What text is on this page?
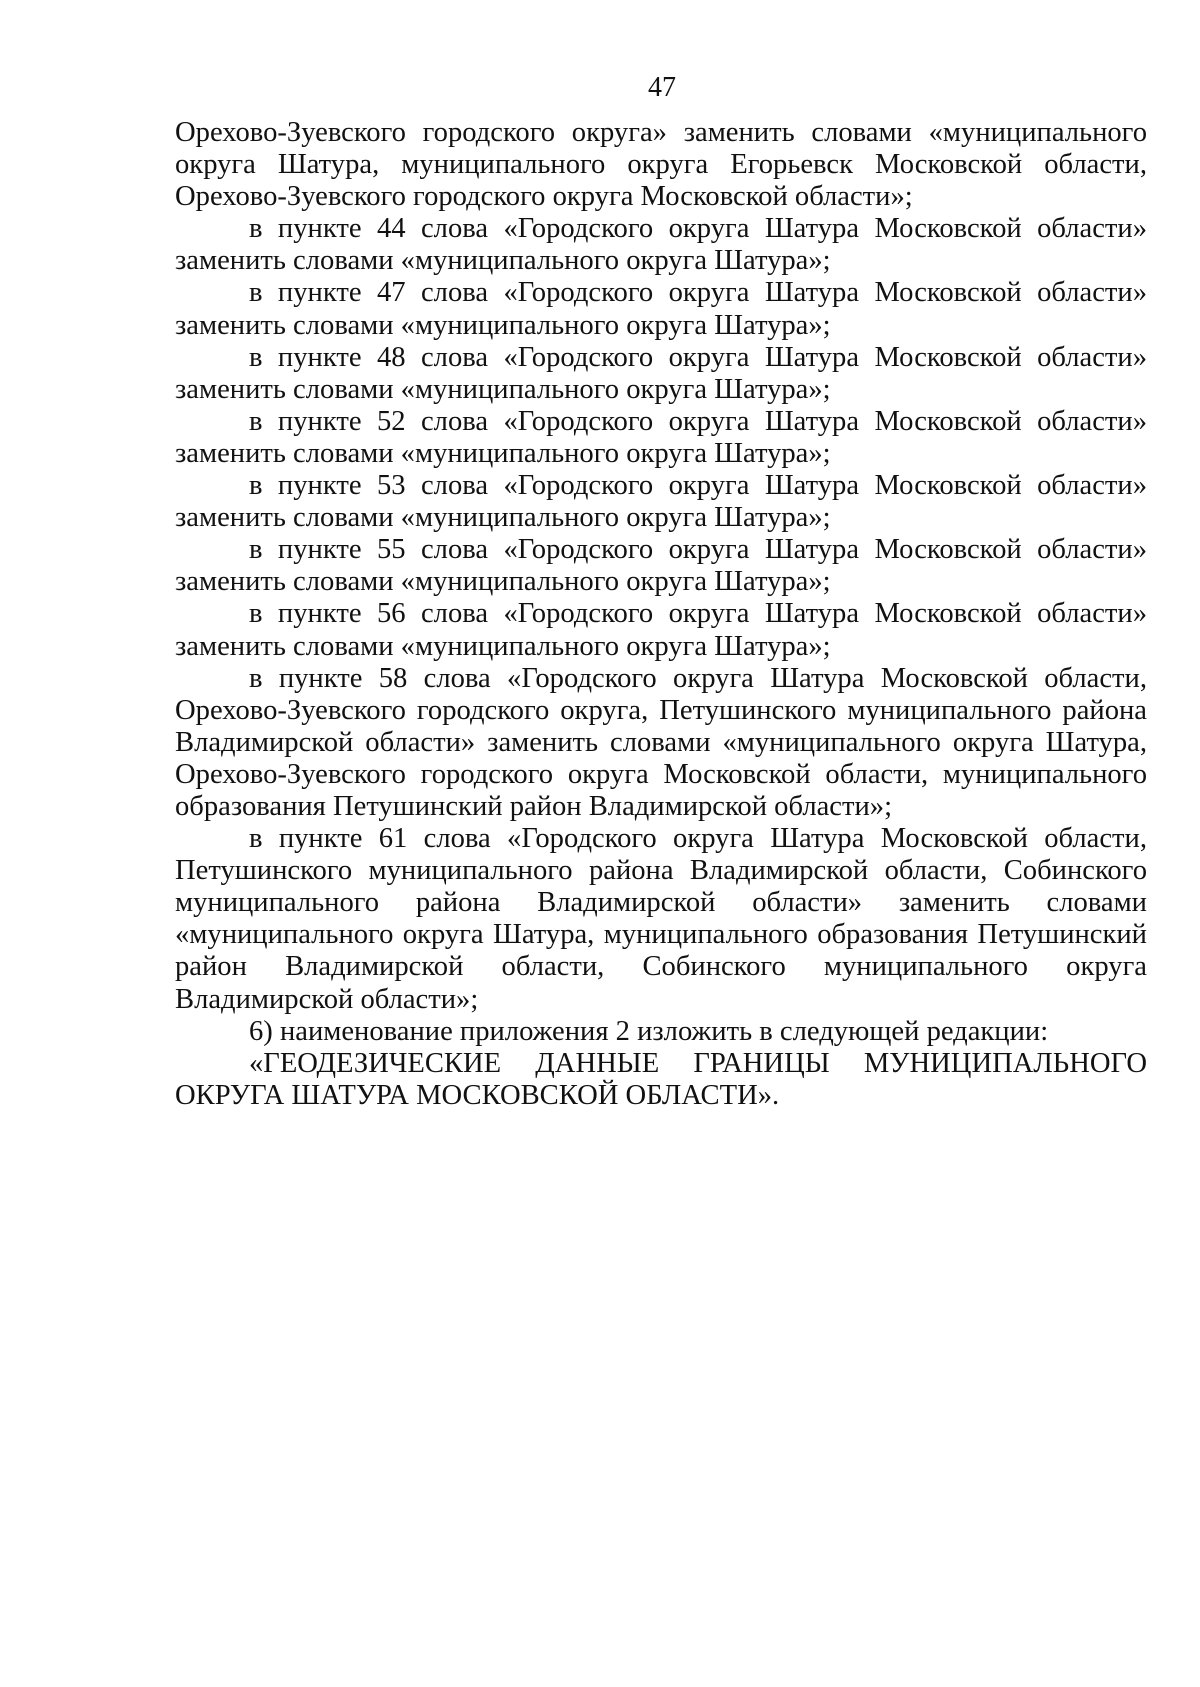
47

Орехово-Зуевского городского округа» заменить словами «муниципального округа Шатура, муниципального округа Егорьевск Московской области, Орехово-Зуевского городского округа Московской области»;

в пункте 44 слова «Городского округа Шатура Московской области» заменить словами «муниципального округа Шатура»;

в пункте 47 слова «Городского округа Шатура Московской области» заменить словами «муниципального округа Шатура»;

в пункте 48 слова «Городского округа Шатура Московской области» заменить словами «муниципального округа Шатура»;

в пункте 52 слова «Городского округа Шатура Московской области» заменить словами «муниципального округа Шатура»;

в пункте 53 слова «Городского округа Шатура Московской области» заменить словами «муниципального округа Шатура»;

в пункте 55 слова «Городского округа Шатура Московской области» заменить словами «муниципального округа Шатура»;

в пункте 56 слова «Городского округа Шатура Московской области» заменить словами «муниципального округа Шатура»;

в пункте 58 слова «Городского округа Шатура Московской области, Орехово-Зуевского городского округа, Петушинского муниципального района Владимирской области» заменить словами «муниципального округа Шатура, Орехово-Зуевского городского округа Московской области, муниципального образования Петушинский район Владимирской области»;

в пункте 61 слова «Городского округа Шатура Московской области, Петушинского муниципального района Владимирской области, Собинского муниципального района Владимирской области» заменить словами «муниципального округа Шатура, муниципального образования Петушинский район Владимирской области, Собинского муниципального округа Владимирской области»;

6) наименование приложения 2 изложить в следующей редакции:

«ГЕОДЕЗИЧЕСКИЕ ДАННЫЕ ГРАНИЦЫ МУНИЦИПАЛЬНОГО ОКРУГА ШАТУРА МОСКОВСКОЙ ОБЛАСТИ».
